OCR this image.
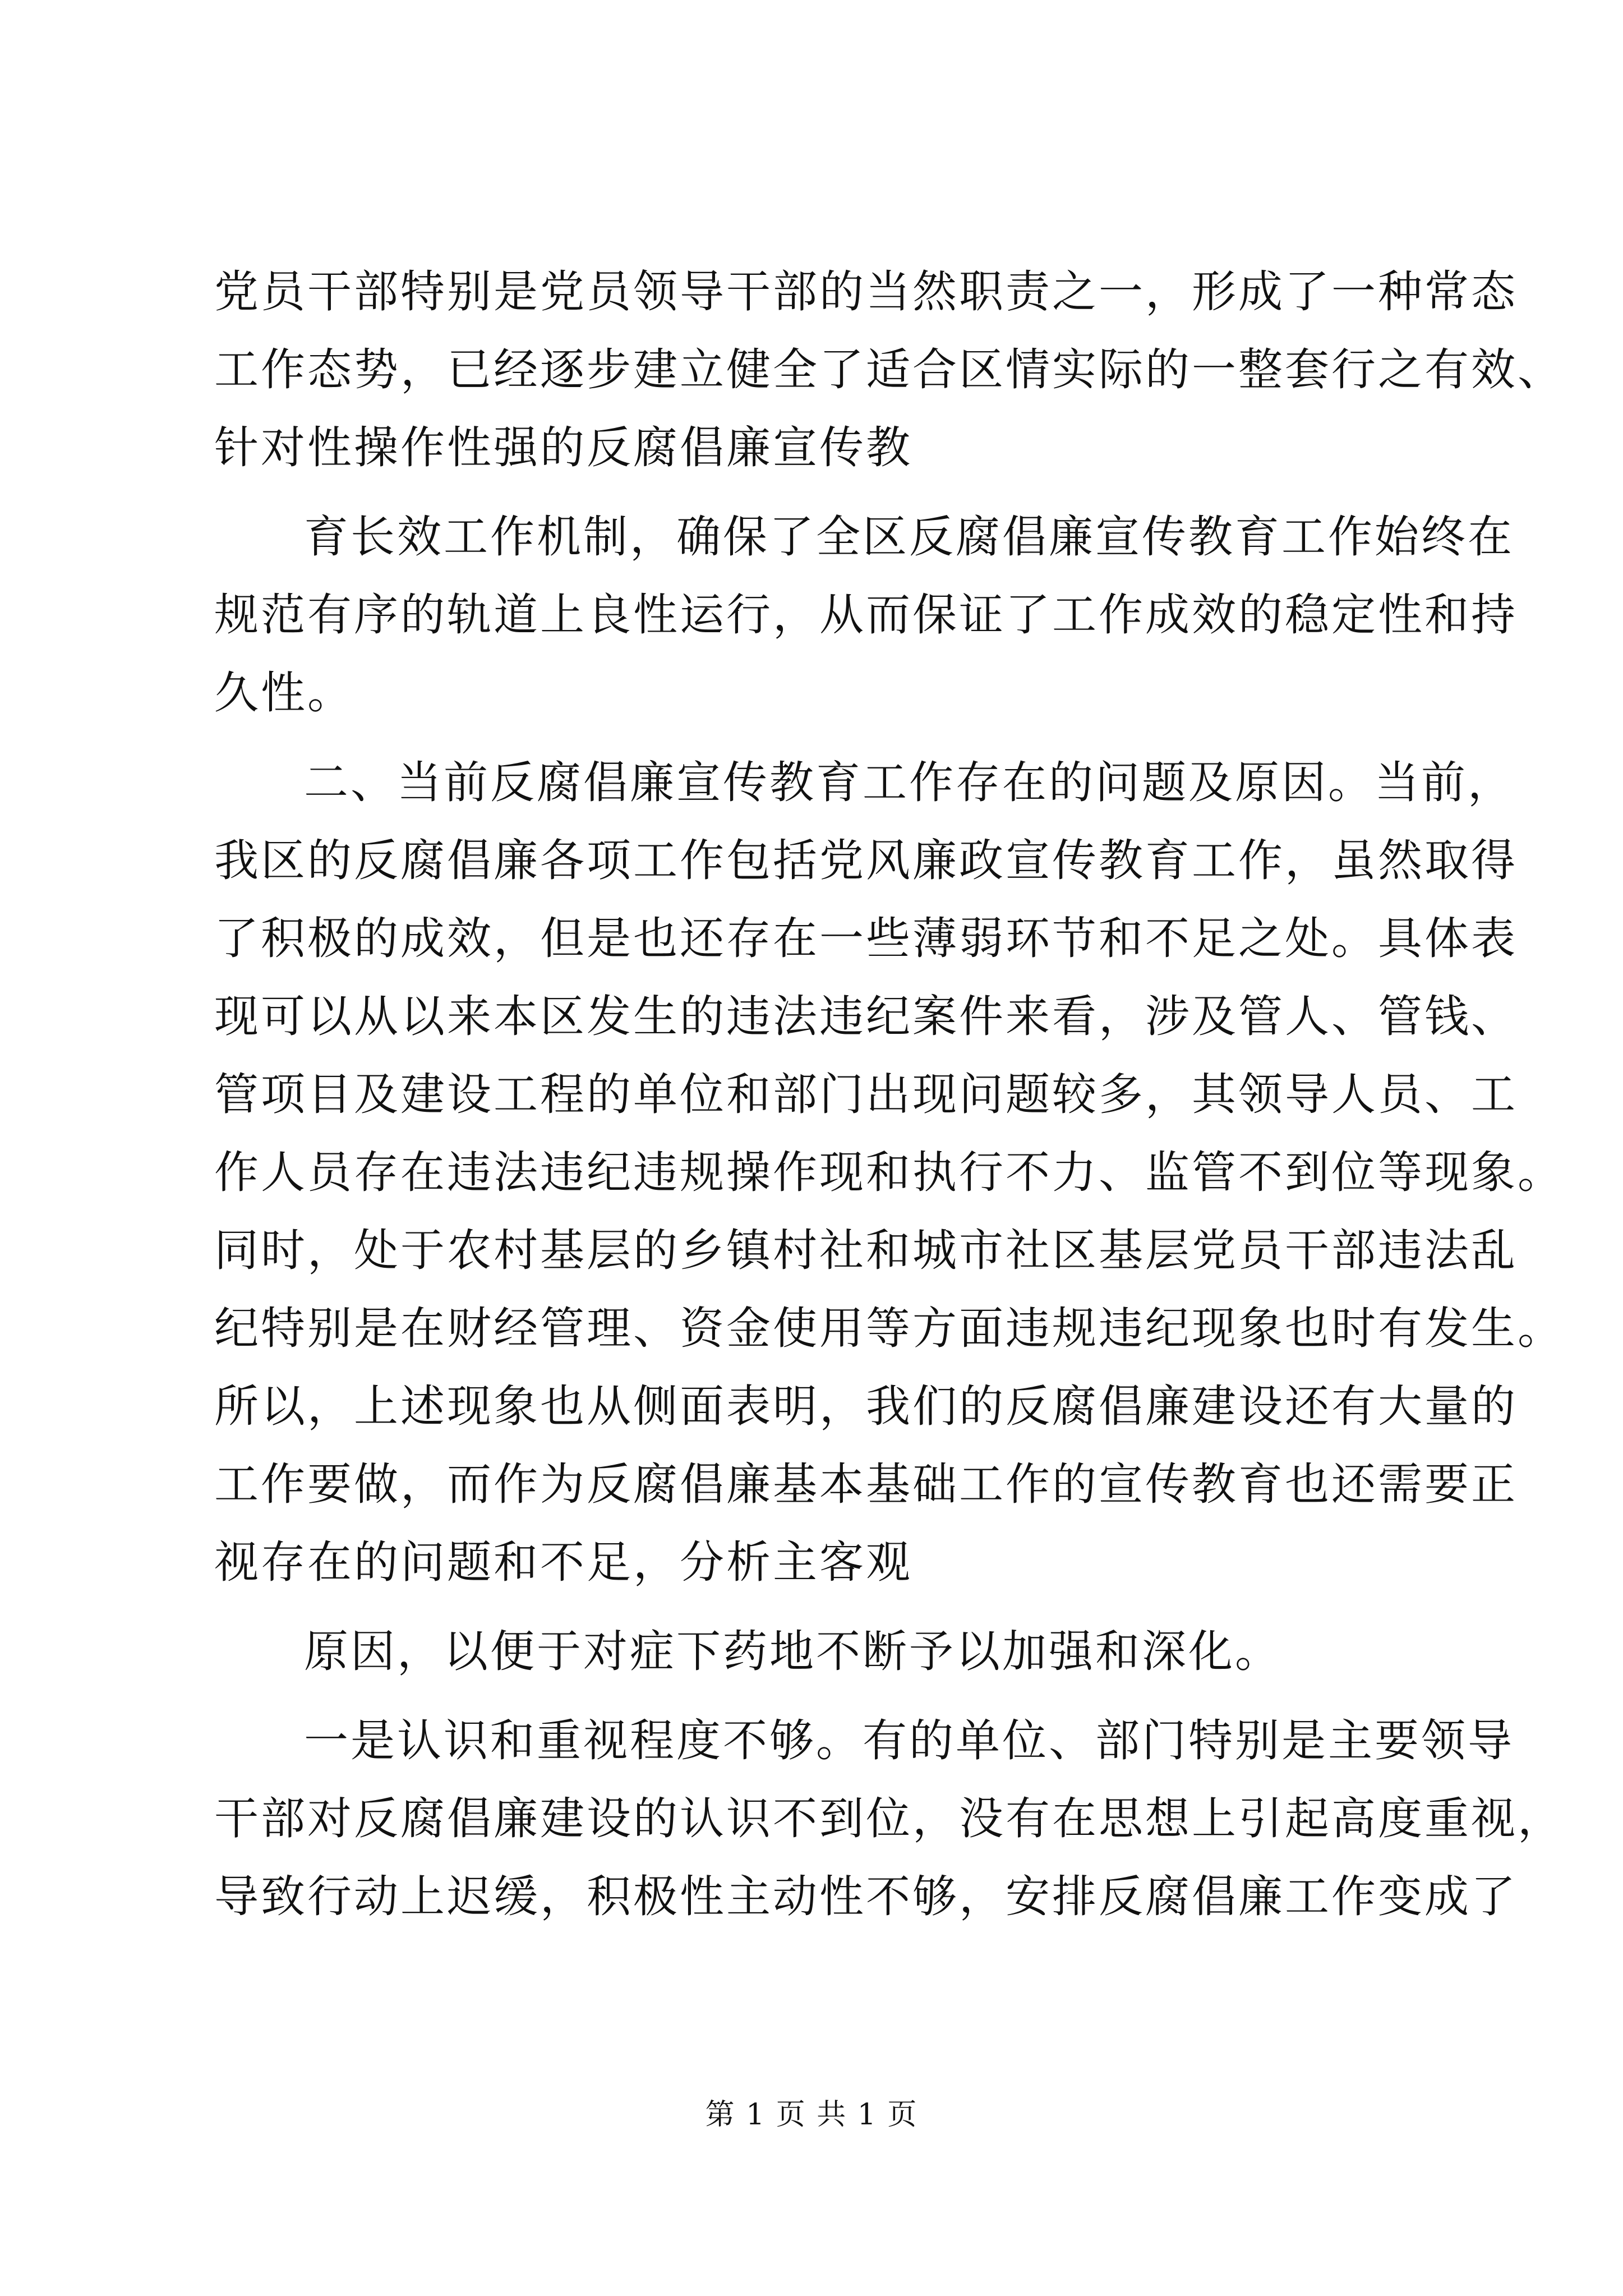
党员干部特别是党员领导干部的当然职责之一，形成了一种常态
工作态势，已经逐步建立健全了适合区情实际的一整套行之有效、
针对性操作性强的反腐倡廉宣传教
育长效工作机制，确保了全区反腐倡廉宣传教育工作始终在
规范有序的轨道上良性运行，从而保证了工作成效的稳定性和持
久性。
二、当前反腐倡廉宣传教育工作存在的问题及原因。当前，
我区的反腐倡廉各项工作包括党风廉政宣传教育工作，虽然取得
了积极的成效，但是也还存在一些薄弱环节和不足之处。具体表
现可以从以来本区发生的违法违纪案件来看，涉及管人、管钱、
管项目及建设工程的单位和部门出现问题较多，其领导人员、工
作人员存在违法违纪违规操作现和执行不力、监管不到位等现象。
同时，处于农村基层的乡镇村社和城市社区基层党员干部违法乱
纪特别是在财经管理、资金使用等方面违规违纪现象也时有发生。
所以，上述现象也从侧面表明，我们的反腐倡廉建设还有大量的
工作要做，而作为反腐倡廉基本基础工作的宣传教育也还需要正
视存在的问题和不足，分析主客观
原因，以便于对症下药地不断予以加强和深化。
一是认识和重视程度不够。有的单位、部门特别是主要领导
干部对反腐倡廉建设的认识不到位，没有在思想上引起高度重视，
导致行动上迟缓，积极性主动性不够，安排反腐倡廉工作变成了
第 1 页 共 1 页
